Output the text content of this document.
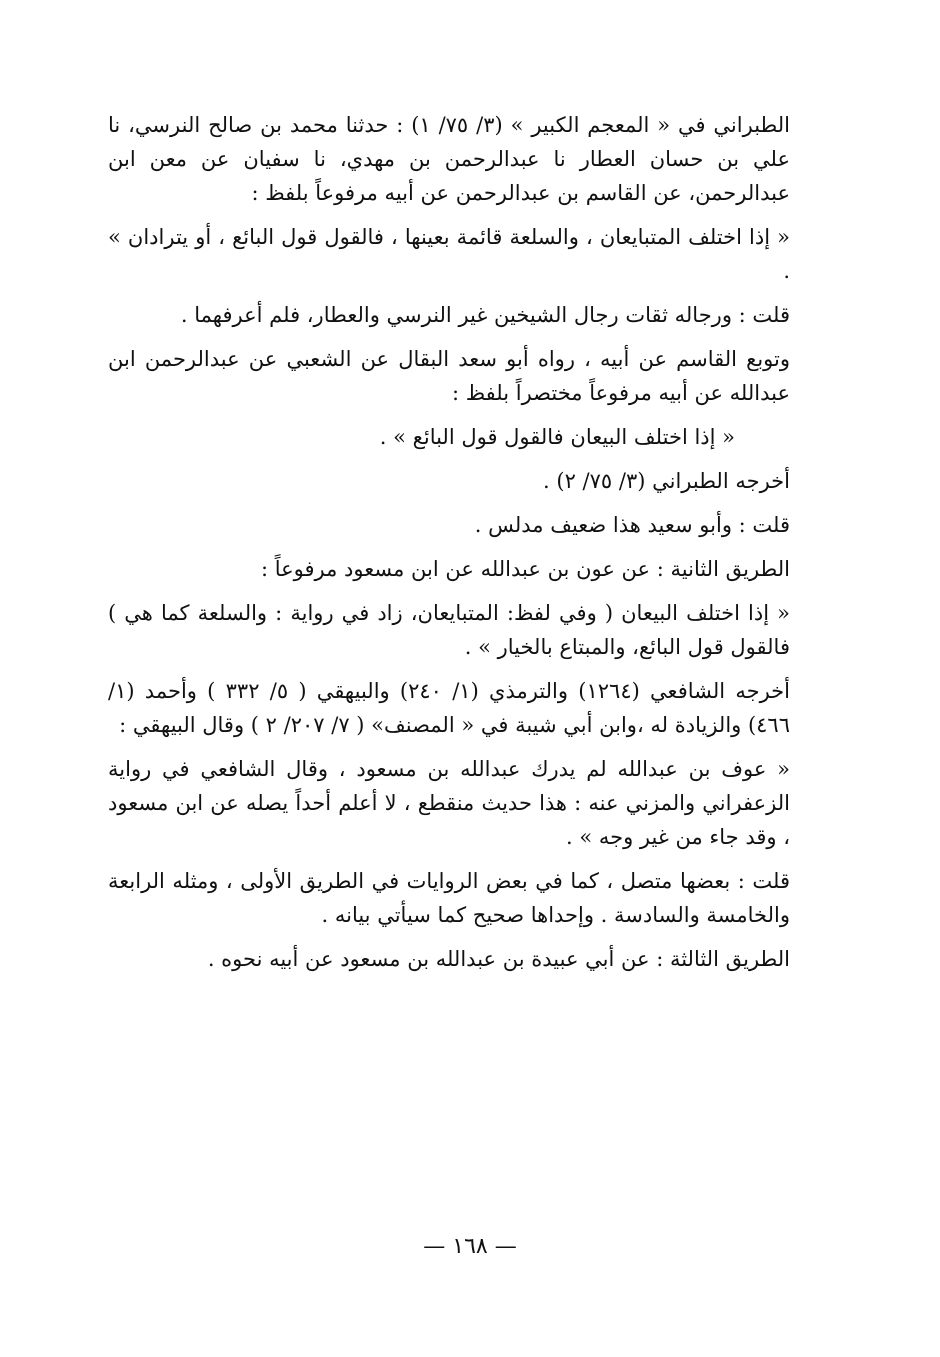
الطبراني في « المعجم الكبير » (٣/ ٧٥/ ١) : حدثنا محمد بن صالح النرسي، نا علي بن حسان العطار نا عبدالرحمن بن مهدي، نا سفيان عن معن ابن عبدالرحمن، عن القاسم بن عبدالرحمن عن أبيه مرفوعاً بلفظ :

« إذا اختلف المتبايعان ، والسلعة قائمة بعينها ، فالقول قول البائع ، أو يترادان » .

قلت : ورجاله ثقات رجال الشيخين غير النرسي والعطار، فلم أعرفهما .

وتوبع القاسم عن أبيه ، رواه أبو سعد البقال عن الشعبي عن عبدالرحمن ابن عبدالله عن أبيه مرفوعاً مختصراً بلفظ :

« إذا اختلف البيعان فالقول قول البائع » .

أخرجه الطبراني (٣/ ٧٥/ ٢) .

قلت : وأبو سعيد هذا ضعيف مدلس .

الطريق الثانية : عن عون بن عبدالله عن ابن مسعود مرفوعاً :

« إذا اختلف البيعان ( وفي لفظ: المتبايعان، زاد في رواية : والسلعة كما هي ) فالقول قول البائع، والمبتاع بالخيار » .

أخرجه الشافعي (١٢٦٤) والترمذي (١/ ٢٤٠) والبيهقي ( ٥/ ٣٣٢ ) وأحمد (١/ ٤٦٦) والزيادة له ،وابن أبي شيبة في « المصنف» ( ٧/ ٢٠٧/ ٢ ) وقال البيهقي :

« عوف بن عبدالله لم يدرك عبدالله بن مسعود ، وقال الشافعي في رواية الزعفراني والمزني عنه : هذا حديث منقطع ، لا أعلم أحداً يصله عن ابن مسعود ، وقد جاء من غير وجه » .

قلت : بعضها متصل ، كما في بعض الروايات في الطريق الأولى ، ومثله الرابعة والخامسة والسادسة . وإحداها صحيح كما سيأتي بيانه .

الطريق الثالثة : عن أبي عبيدة بن عبدالله بن مسعود عن أبيه نحوه .

— ١٦٨ —
